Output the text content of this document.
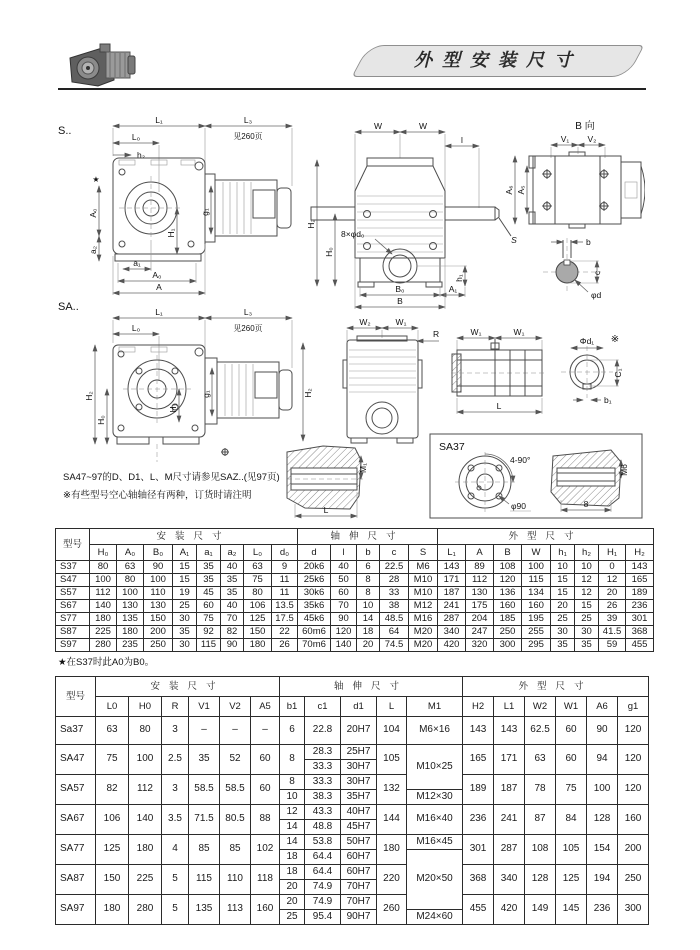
外型安装尺寸
S..
L₁	L₃
见260页
L₀
h₂
★
A₀
a₂
H₁
g₁
a₁
A₀
A
H₂
H₀
W	W
l
S
8×φd₀
h₁
B₀	A₁
B
B 向
V₁ V₂
A₆ A₅
b
c
φd
SA..	L₁	L₃
见260页
L₀
H₂
H₀
H₁
g₁	H₂
W₂	W₁
R	W₁	W₁
L
Φd₁ ※
C₁
b₁
SA47~97的D、D1、L、M尺寸请参见SAZ..(见97页)
※有些型号空心轴轴径有两种，订货时请注明
M₁
L
SA37
4-90°
φ90
M6
8
型号	安装尺寸								轴伸尺寸					外型尺寸							
	H₀	A₀	B₀	A₁	a₁	a₂	L₀	d₀	d	l	b	c	S	L₁	A	B	W	h₁	h₂	H₁	H₂
S37	80	63	90	15	35	40	63	9	20k6	40	6	22.5	M6	143	89	108	100	10	10	0	143
S47	100	80	100	15	35	35	75	11	25k6	50	8	28	M10	171	112	120	115	15	12	12	165
S57	112	100	110	19	45	35	80	11	30k6	60	8	33	M10	187	130	136	134	15	12	20	189
S67	140	130	130	25	60	40	106	13.5	35k6	70	10	38	M12	241	175	160	160	20	15	26	236
S77	180	135	150	30	75	70	125	17.5	45k6	90	14	48.5	M16	287	204	185	195	25	25	39	301
S87	225	180	200	35	92	82	150	22	60m6	120	18	64	M20	340	247	250	255	30	30	41.5	368
S97	280	235	250	30	115	90	180	26	70m6	140	20	74.5	M20	420	320	300	295	35	35	59	455
★在S37时此A0为B0。
型号	安装尺寸						轴伸尺寸					外型尺寸					
	L0	H0	R	V1	V2	A5	b1	c1	d1	L	M1	H2	L1	W2	W1	A6	g1
Sa37	63	80	3	–	–	–	6	22.8	20H7	104	M6×16	143	143	62.5	60	90	120
SA47	75	100	2.5	35	52	60	8	28.3	25H7	105	M10×25	165	171	63	60	94	120
								33.3	30H7								
SA57	82	112	3	58.5	58.5	60	8	33.3	30H7	132		189	187	78	75	100	120
							10	38.3	35H7		M12×30						
SA67	106	140	3.5	71.5	80.5	88	12	43.3	40H7	144	M16×40	236	241	87	84	128	160
							14	48.8	45H7								
SA77	125	180	4	85	85	102	14	53.8	50H7	180	M16×45	301	287	108	105	154	200
							18	64.4	60H7		M20×50						
SA87	150	225	5	115	110	118	18	64.4	60H7	220		368	340	128	125	194	250
							20	74.9	70H7								
SA97	180	280	5	135	113	160	20	74.9	70H7	260		455	420	149	145	236	300
							25	95.4	90H7		M24×60						
